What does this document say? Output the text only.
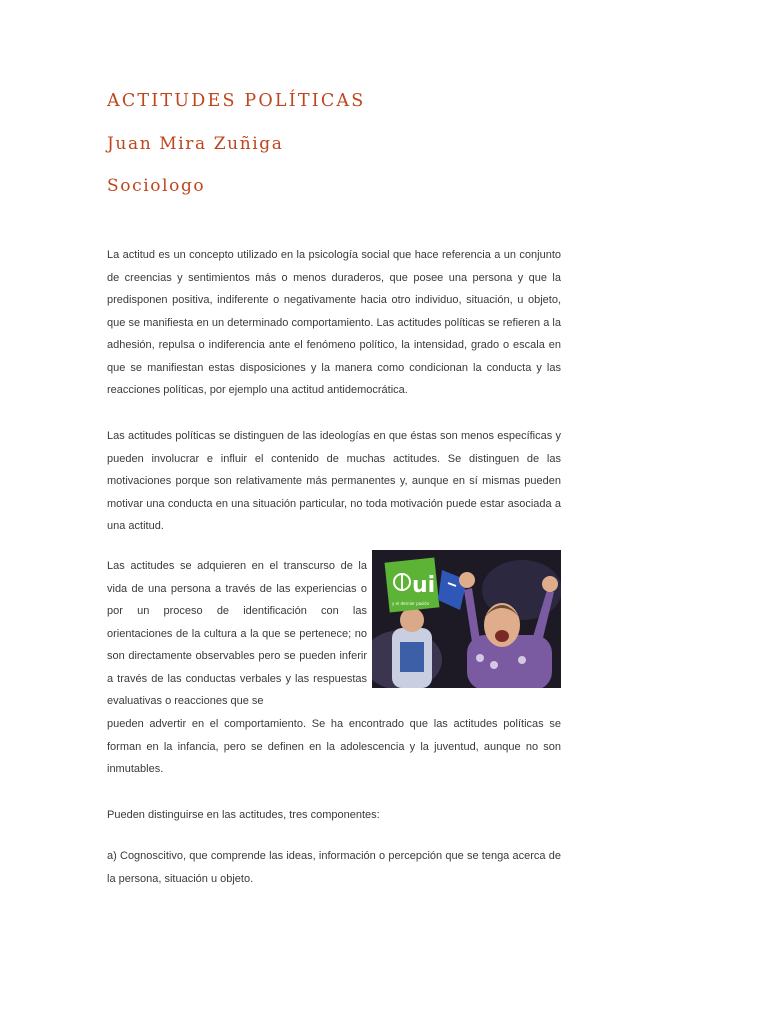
ACTITUDES POLÍTICAS
Juan Mira Zuñiga
Sociologo

La actitud es un concepto utilizado en la psicología social que hace referencia a un conjunto de creencias y sentimientos más o menos duraderos, que posee una persona y que la predisponen positiva, indiferente o negativamente hacia otro individuo, situación, u objeto, que se manifiesta en un determinado comportamiento. Las actitudes políticas se refieren a la adhesión, repulsa o indiferencia ante el fenómeno político, la intensidad, grado o escala en que se manifiestan estas disposiciones y la manera como condicionan la conducta y las reacciones políticas, por ejemplo una actitud antidemocrática.

Las actitudes políticas se distinguen de las ideologías en que éstas son menos específicas y pueden involucrar e influir el contenido de muchas actitudes. Se distinguen de las motivaciones porque son relativamente más permanentes y, aunque en sí mismas pueden motivar una conducta en una situación particular, no toda motivación puede estar asociada a una actitud.

Las actitudes se adquieren en el transcurso de la vida de una persona a través de las experiencias o por un proceso de identificación con las orientaciones de la cultura a la que se pertenece; no son directamente observables pero se pueden inferir a través de las conductas verbales y las respuestas evaluativas o reacciones que se

ui
y el dernier pasión

pueden advertir en el comportamiento. Se ha encontrado que las actitudes políticas se forman en la infancia, pero se definen en la adolescencia y la juventud, aunque no son inmutables.

Pueden distinguirse en las actitudes, tres componentes:

a) Cognoscitivo, que comprende las ideas, información o percepción que se tenga acerca de la persona, situación u objeto.
